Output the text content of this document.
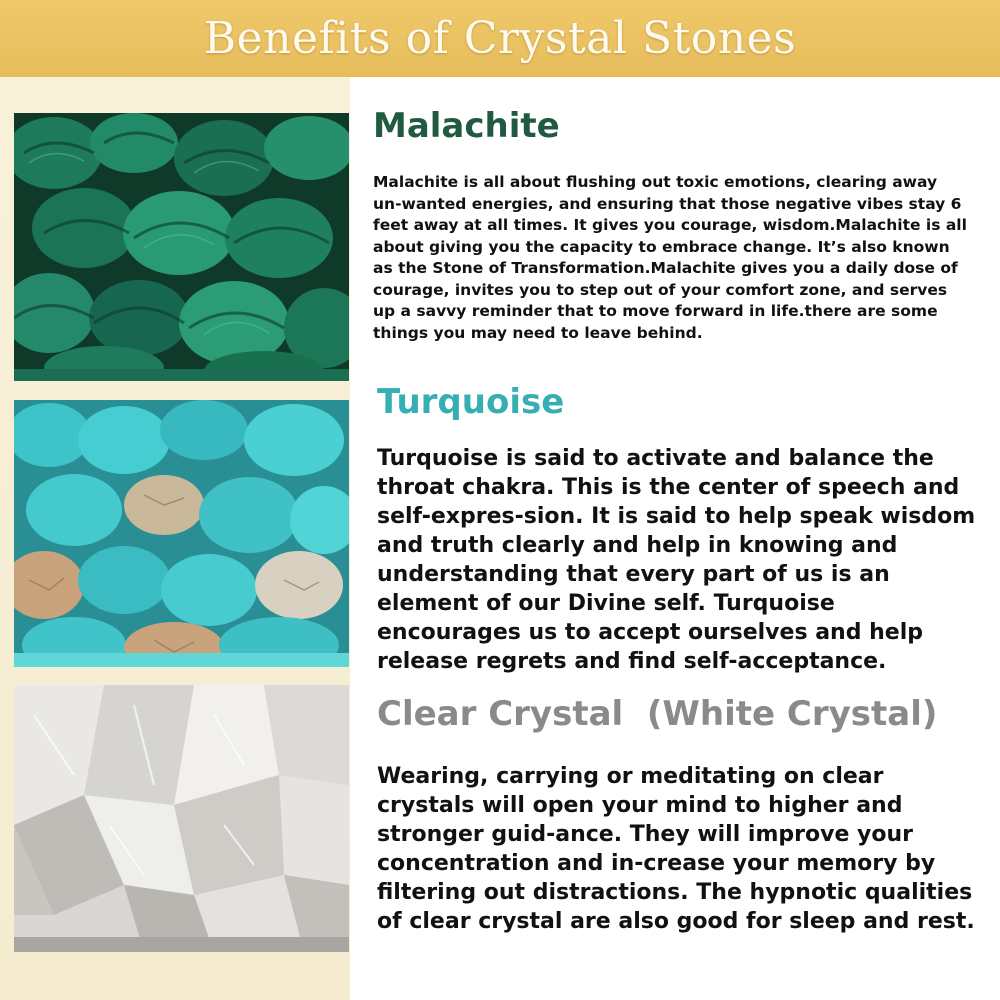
Benefits of Crystal Stones
Malachite

Malachite is all about flushing out toxic emotions, clearing away un-wanted energies, and ensuring that those negative vibes stay 6 feet away at all times. It gives you courage, wisdom.Malachite is all about giving you the capacity to embrace change. It’s also known as the Stone of Transformation.Malachite gives you a daily dose of courage, invites you to step out of your comfort zone, and serves up a savvy reminder that to move forward in life.there are some things you may need to leave behind.

Turquoise

Turquoise is said to activate and balance the throat chakra. This is the center of speech and self-expres-sion. It is said to help speak wisdom and truth clearly and help in knowing and understanding that every part of us is an element of our Divine self. Turquoise encourages us to accept ourselves and help release regrets and find self-acceptance.

Clear Crystal  (White Crystal)

Wearing, carrying or meditating on clear crystals will open your mind to higher and stronger guid-ance. They will improve your concentration and in-crease your memory by filtering out distractions. The hypnotic qualities of clear crystal are also good for sleep and rest.
